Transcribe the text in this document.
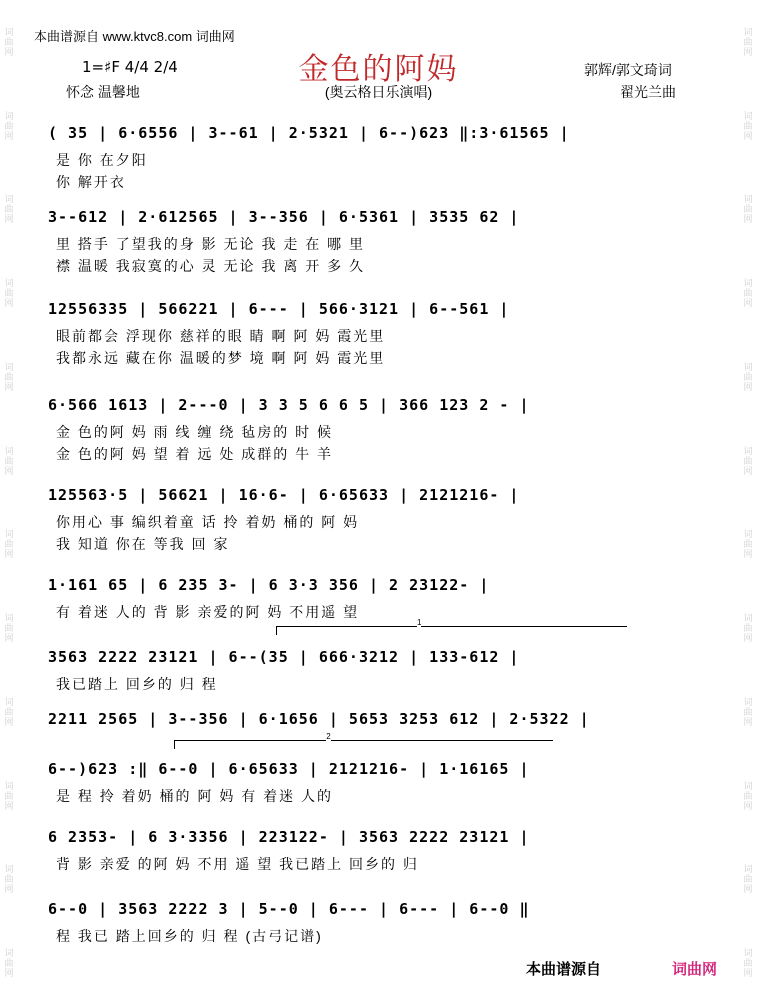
词曲网
词曲网
词曲网
词曲网
词曲网
词曲网
词曲网
词曲网
词曲网
词曲网
词曲网
词曲网
词曲网
词曲网
词曲网
词曲网
词曲网
词曲网
词曲网
词曲网
词曲网
词曲网
词曲网
词曲网
本曲谱源自 www.ktvc8.com 词曲网
金色的阿妈
1=♯F 4/4 2/4
怀念 温馨地	(奥云格日乐演唱)
郭辉/郭文琦词
翟光兰曲
( 35 | 6·6556 | 3--61 | 2·5321 | 6--)623 ‖:3·61565 |
是 你 在夕阳
你 解开衣
3--612 | 2·612565 | 3--356 | 6·5361 | 3535 62 |
里 搭手 了望我的身 影 无论 我 走 在 哪 里
襟 温暖 我寂寞的心 灵 无论 我 离 开 多 久
12556335 | 566221 | 6--- | 566·3121 | 6--561 |
眼前都会 浮现你 慈祥的眼 睛 啊 阿 妈 霞光里
我都永远 藏在你 温暖的梦 境 啊 阿 妈 霞光里
6·566 1613 | 2---0 | 3 3 5 6 6 5 | 366 123 2 - |
金 色的阿 妈 雨 线 缠 绕 毡房的 时 候
金 色的阿 妈 望 着 远 处 成群的 牛 羊
125563·5 | 56621 | 16·6- | 6·65633 | 2121216- |
你用心 事 编织着童 话 拎 着奶 桶的 阿 妈
我 知道 你在 等我 回 家
1·161 65 | 6 235 3- | 6 3·3 356 | 2 23122- |
有 着迷 人的 背 影 亲爱的阿 妈 不用遥 望
3563 2222 23121 | 6--(35 | 666·3212 | 133-612 |
我已踏上 回乡的 归 程
2211 2565 | 3--356 | 6·1656 | 5653 3253 612 | 2·5322 |
6--)623 :‖ 6--0 | 6·65633 | 2121216- | 1·16165 |
是 程 拎 着奶 桶的 阿 妈 有 着迷 人的
6 2353- | 6 3·3356 | 223122- | 3563 2222 23121 |
背 影 亲爱 的阿 妈 不用 遥 望 我已踏上 回乡的 归
6--0 | 3563 2222 3 | 5--0 | 6--- | 6--- | 6--0 ‖
程 我已 踏上回乡的 归 程 (古弓记谱)
1
2
本曲谱源自	词曲网
